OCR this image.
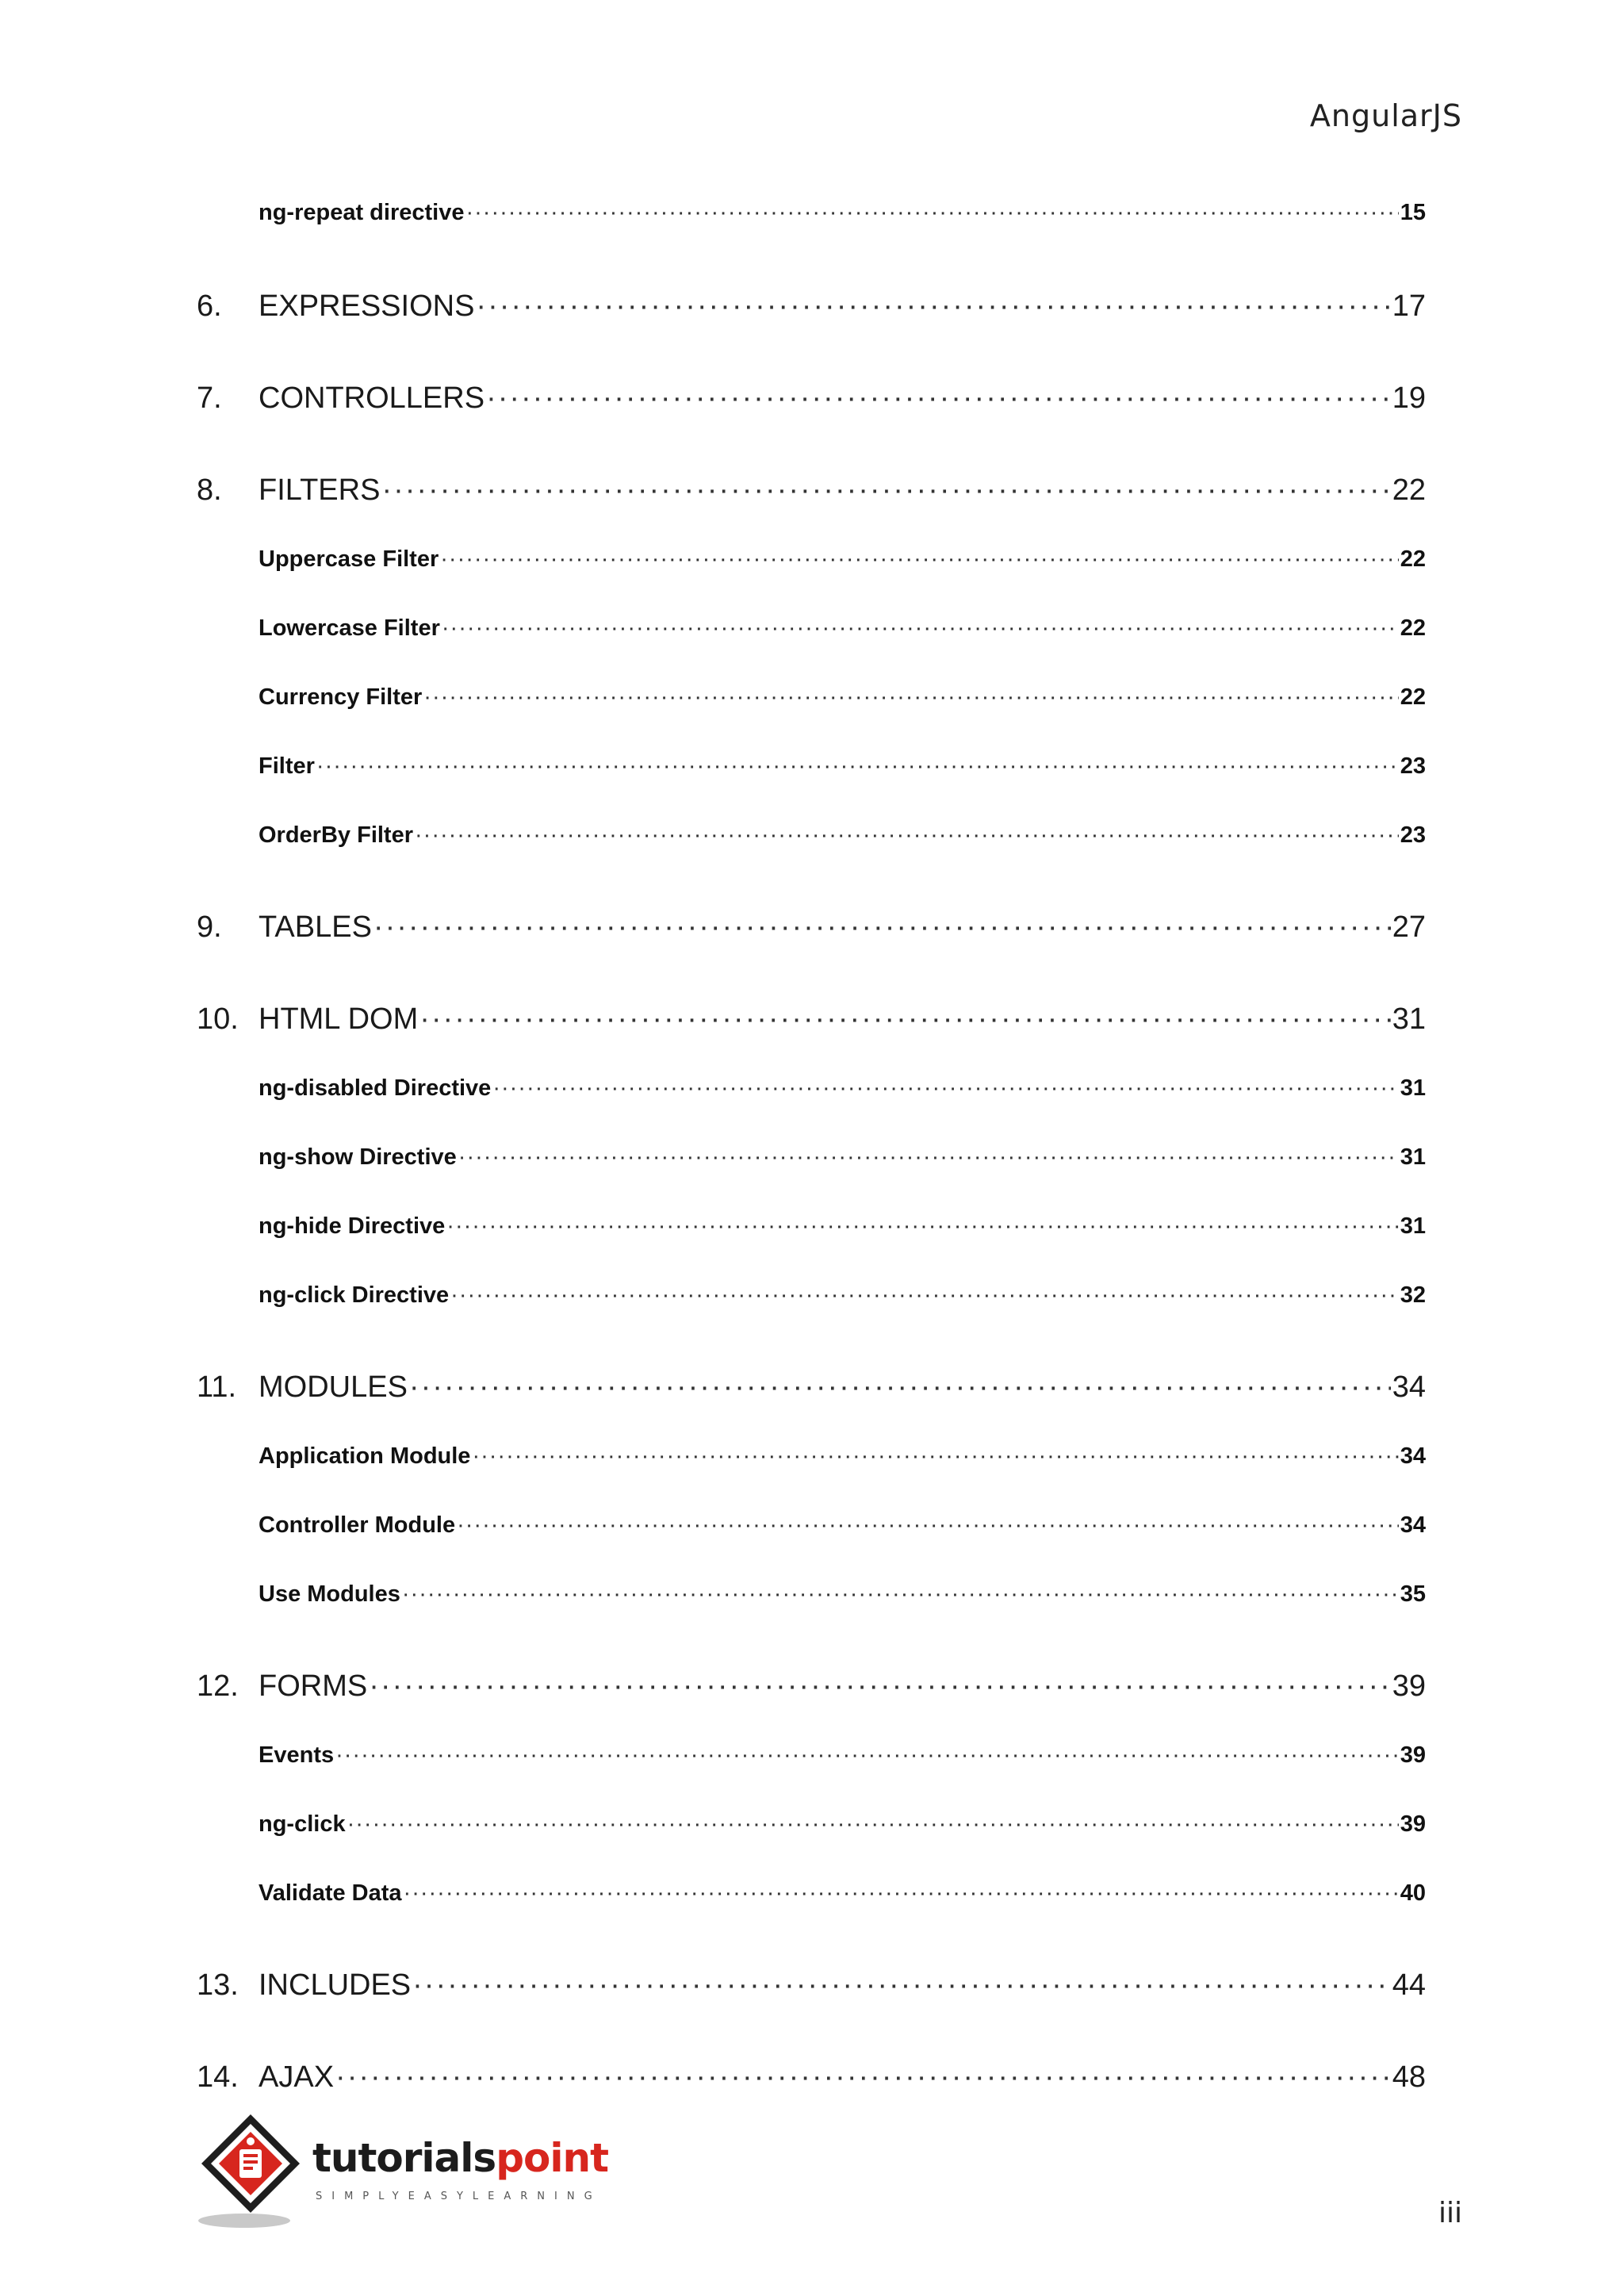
AngularJS
ng-repeat directive ·····	15
6.	EXPRESSIONS ·····	17
7.	CONTROLLERS ·····	19
8.	FILTERS ·····	22
Uppercase Filter ·····	22
Lowercase Filter ·····	22
Currency Filter ·····	22
Filter ·····	23
OrderBy Filter ·····	23
9.	TABLES ·····	27
10. HTML DOM ·····	31
ng-disabled Directive ·····	31
ng-show Directive ·····	31
ng-hide Directive ·····	31
ng-click Directive ·····	32
11. MODULES ·····	34
Application Module ·····	34
Controller Module ·····	34
Use Modules ·····	35
12. FORMS ·····	39
Events ·····	39
ng-click ·····	39
Validate Data ·····	40
13. INCLUDES ·····	44
14. AJAX ·····	48
tutorialspoint
SIMPLYEASYLEARNING
iii
